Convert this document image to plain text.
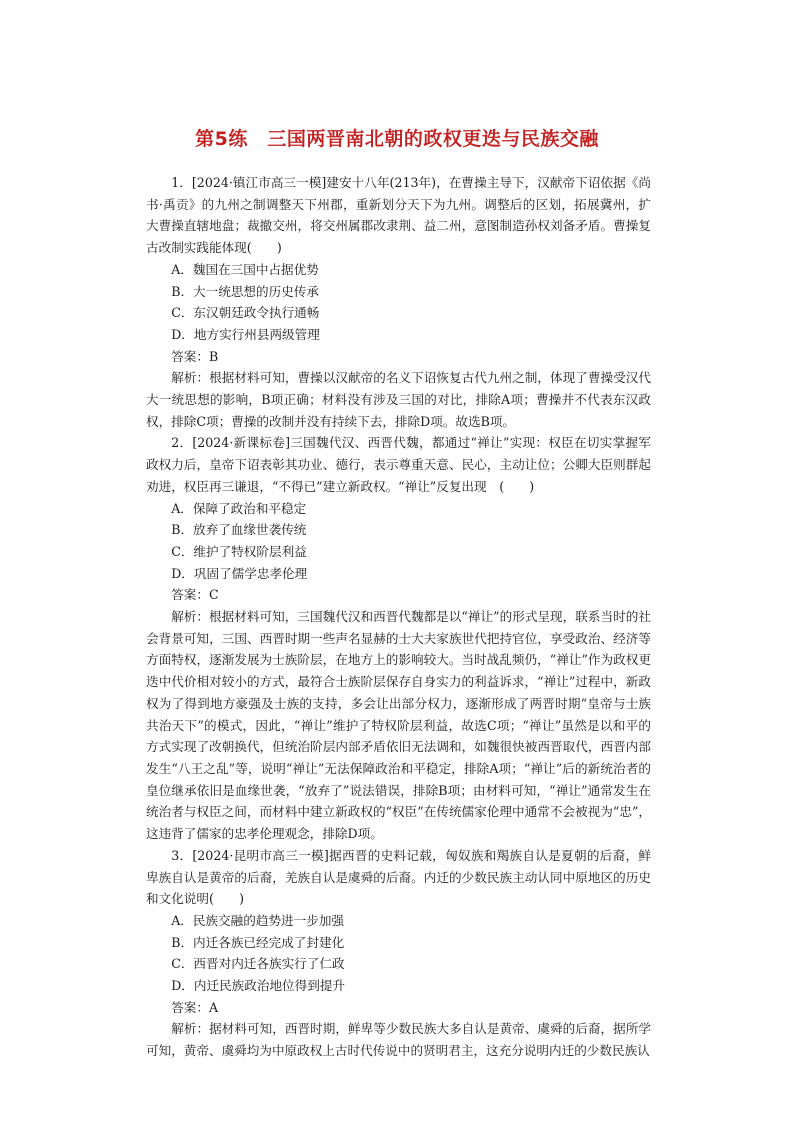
第5练　三国两晋南北朝的政权更迭与民族交融

1．[2024·镇江市高三一模]建安十八年(213年)，在曹操主导下，汉献帝下诏依据《尚书·禹贡》的九州之制调整天下州郡，重新划分天下为九州。调整后的区划，拓展冀州，扩大曹操直辖地盘；裁撤交州，将交州属郡改隶荆、益二州，意图制造孙权刘备矛盾。曹操复古改制实践能体现(　　)

A．魏国在三国中占据优势

B．大一统思想的历史传承

C．东汉朝廷政令执行通畅

D．地方实行州县两级管理

答案：B

解析：根据材料可知，曹操以汉献帝的名义下诏恢复古代九州之制，体现了曹操受汉代大一统思想的影响，B项正确；材料没有涉及三国的对比，排除A项；曹操并不代表东汉政权，排除C项；曹操的改制并没有持续下去，排除D项。故选B项。

2．[2024·新课标卷]三国魏代汉、西晋代魏，都通过“禅让”实现：权臣在切实掌握军政权力后，皇帝下诏表彰其功业、德行，表示尊重天意、民心，主动让位；公卿大臣则群起劝进，权臣再三谦退，“不得已”建立新政权。“禅让”反复出现　(　　)

A．保障了政治和平稳定

B．放弃了血缘世袭传统

C．维护了特权阶层利益

D．巩固了儒学忠孝伦理

答案：C

解析：根据材料可知，三国魏代汉和西晋代魏都是以“禅让”的形式呈现，联系当时的社会背景可知，三国、西晋时期一些声名显赫的士大夫家族世代把持官位，享受政治、经济等方面特权，逐渐发展为士族阶层，在地方上的影响较大。当时战乱频仍，“禅让”作为政权更迭中代价相对较小的方式，最符合士族阶层保存自身实力的利益诉求，“禅让”过程中，新政权为了得到地方豪强及士族的支持，多会让出部分权力，逐渐形成了两晋时期“皇帝与士族共治天下”的模式，因此，“禅让”维护了特权阶层利益，故选C项；“禅让”虽然是以和平的方式实现了改朝换代，但统治阶层内部矛盾依旧无法调和，如魏很快被西晋取代，西晋内部发生“八王之乱”等，说明“禅让”无法保障政治和平稳定，排除A项；“禅让”后的新统治者的皇位继承依旧是血缘世袭，“放弃了”说法错误，排除B项；由材料可知，“禅让”通常发生在统治者与权臣之间，而材料中建立新政权的“权臣”在传统儒家伦理中通常不会被视为“忠”，这违背了儒家的忠孝伦理观念，排除D项。

3．[2024·昆明市高三一模]据西晋的史料记载，匈奴族和羯族自认是夏朝的后裔，鲜卑族自认是黄帝的后裔，羌族自认是虞舜的后裔。内迁的少数民族主动认同中原地区的历史和文化说明(　　)

A．民族交融的趋势进一步加强

B．内迁各族已经完成了封建化

C．西晋对内迁各族实行了仁政

D．内迁民族政治地位得到提升

答案：A

解析：据材料可知，西晋时期，鲜卑等少数民族大多自认是黄帝、虞舜的后裔，据所学可知，黄帝、虞舜均为中原政权上古时代传说中的贤明君主，这充分说明内迁的少数民族认
